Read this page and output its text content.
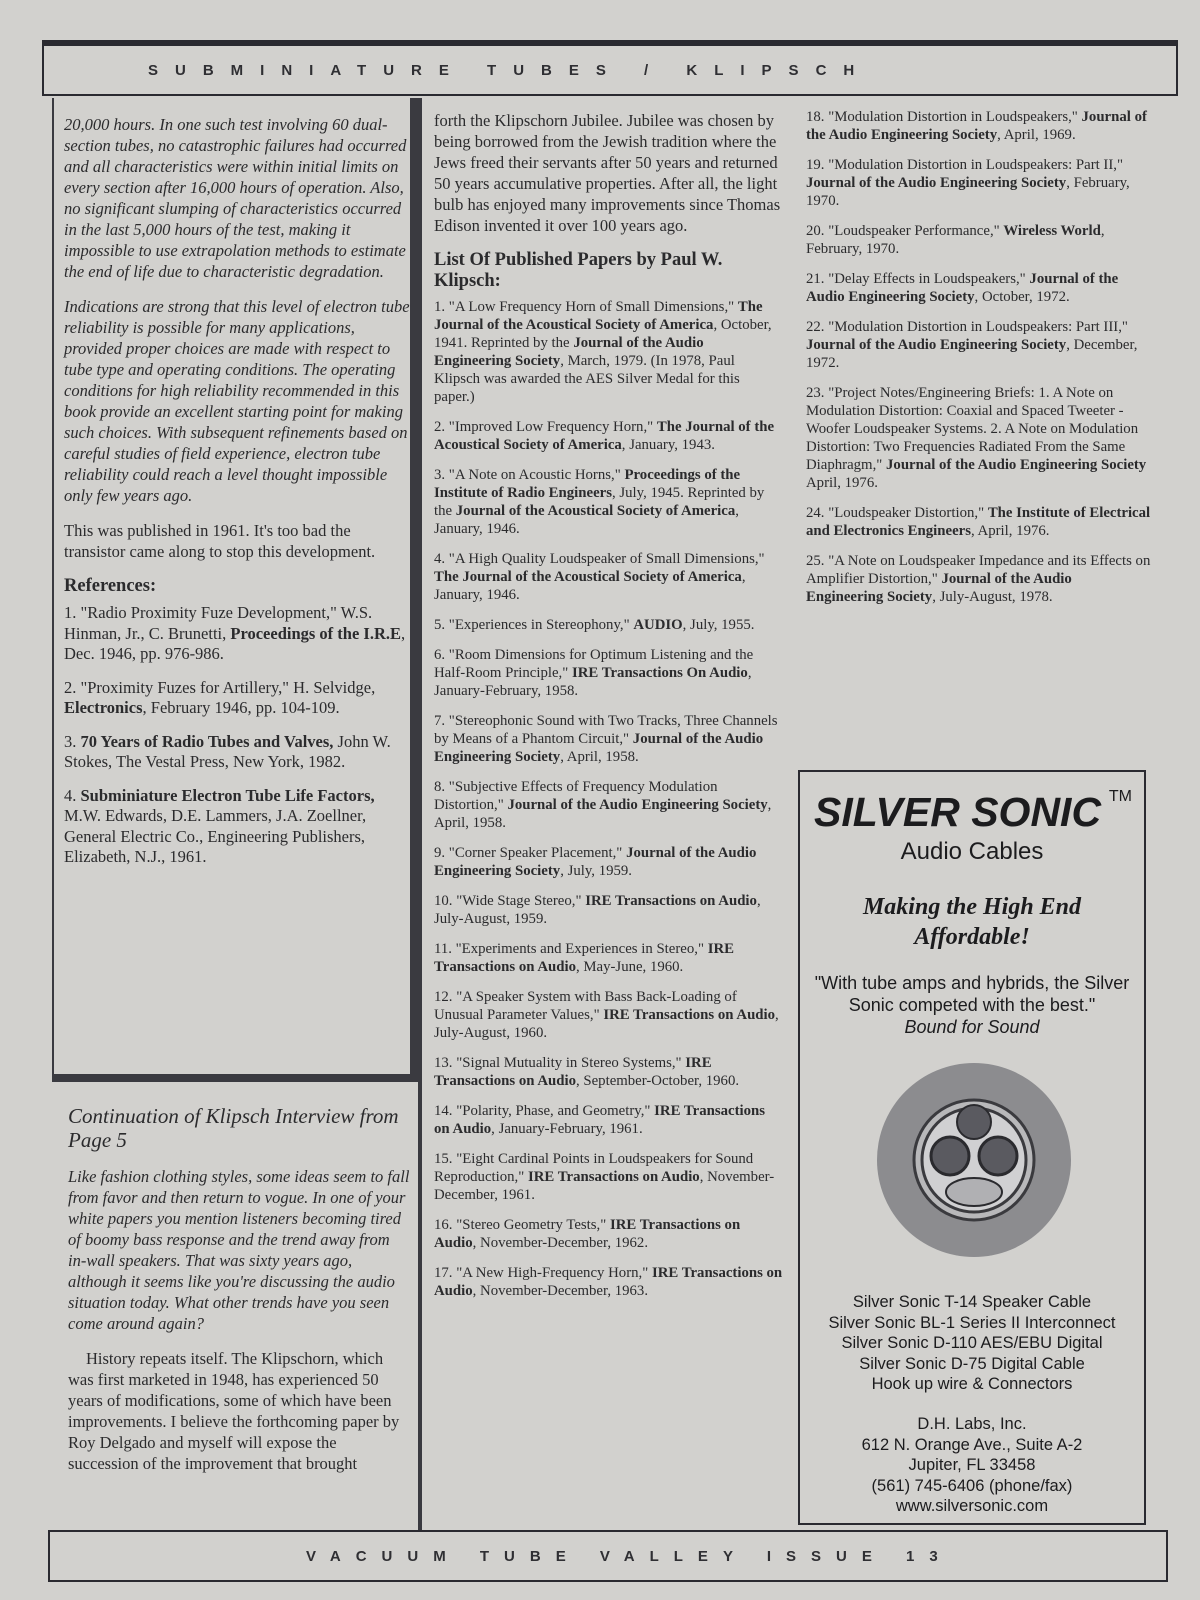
SUBMINIATURE TUBES / KLIPSCH

20,000 hours. In one such test involving 60 dual-section tubes, no catastrophic failures had occurred and all characteristics were within initial limits on every section after 16,000 hours of operation. Also, no significant slumping of characteristics occurred in the last 5,000 hours of the test, making it impossible to use extrapolation methods to estimate the end of life due to characteristic degradation.

Indications are strong that this level of electron tube reliability is possible for many applications, provided proper choices are made with respect to tube type and operating conditions. The operating conditions for high reliability recommended in this book provide an excellent starting point for making such choices. With subsequent refinements based on careful studies of field experience, electron tube reliability could reach a level thought impossible only few years ago.

This was published in 1961. It's too bad the transistor came along to stop this development.

References:
1. "Radio Proximity Fuze Development," W.S. Hinman, Jr., C. Brunetti, Proceedings of the I.R.E, Dec. 1946, pp. 976-986.
2. "Proximity Fuzes for Artillery," H. Selvidge, Electronics, February 1946, pp. 104-109.
3. 70 Years of Radio Tubes and Valves, John W. Stokes, The Vestal Press, New York, 1982.
4. Subminiature Electron Tube Life Factors, M.W. Edwards, D.E. Lammers, J.A. Zoellner, General Electric Co., Engineering Publishers, Elizabeth, N.J., 1961.
Continuation of Klipsch Interview from Page 5

Like fashion clothing styles, some ideas seem to fall from favor and then return to vogue. In one of your white papers you mention listeners becoming tired of boomy bass response and the trend away from in-wall speakers. That was sixty years ago, although it seems like you're discussing the audio situation today. What other trends have you seen come around again?

History repeats itself. The Klipschorn, which was first marketed in 1948, has experienced 50 years of modifications, some of which have been improvements. I believe the forthcoming paper by Roy Delgado and myself will expose the succession of the improvement that brought

forth the Klipschorn Jubilee. Jubilee was chosen by being borrowed from the Jewish tradition where the Jews freed their servants after 50 years and returned 50 years accumulative properties. After all, the light bulb has enjoyed many improvements since Thomas Edison invented it over 100 years ago.

List Of Published Papers by Paul W. Klipsch:
1. "A Low Frequency Horn of Small Dimensions," The Journal of the Acoustical Society of America, October, 1941. Reprinted by the Journal of the Audio Engineering Society, March, 1979. (In 1978, Paul Klipsch was awarded the AES Silver Medal for this paper.)
2. "Improved Low Frequency Horn," The Journal of the Acoustical Society of America, January, 1943.
3. "A Note on Acoustic Horns," Proceedings of the Institute of Radio Engineers, July, 1945. Reprinted by the Journal of the Acoustical Society of America, January, 1946.
4. "A High Quality Loudspeaker of Small Dimensions," The Journal of the Acoustical Society of America, January, 1946.
5. "Experiences in Stereophony," AUDIO, July, 1955.
6. "Room Dimensions for Optimum Listening and the Half-Room Principle," IRE Transactions On Audio, January-February, 1958.
7. "Stereophonic Sound with Two Tracks, Three Channels by Means of a Phantom Circuit," Journal of the Audio Engineering Society, April, 1958.
8. "Subjective Effects of Frequency Modulation Distortion," Journal of the Audio Engineering Society, April, 1958.
9. "Corner Speaker Placement," Journal of the Audio Engineering Society, July, 1959.
10. "Wide Stage Stereo," IRE Transactions on Audio, July-August, 1959.
11. "Experiments and Experiences in Stereo," IRE Transactions on Audio, May-June, 1960.
12. "A Speaker System with Bass Back-Loading of Unusual Parameter Values," IRE Transactions on Audio, July-August, 1960.
13. "Signal Mutuality in Stereo Systems," IRE Transactions on Audio, September-October, 1960.
14. "Polarity, Phase, and Geometry," IRE Transactions on Audio, January-February, 1961.
15. "Eight Cardinal Points in Loudspeakers for Sound Reproduction," IRE Transactions on Audio, November-December, 1961.
16. "Stereo Geometry Tests," IRE Transactions on Audio, November-December, 1962.
17. "A New High-Frequency Horn," IRE Transactions on Audio, November-December, 1963.
18. "Modulation Distortion in Loudspeakers," Journal of the Audio Engineering Society, April, 1969.
19. "Modulation Distortion in Loudspeakers: Part II," Journal of the Audio Engineering Society, February, 1970.
20. "Loudspeaker Performance," Wireless World, February, 1970.
21. "Delay Effects in Loudspeakers," Journal of the Audio Engineering Society, October, 1972.
22. "Modulation Distortion in Loudspeakers: Part III," Journal of the Audio Engineering Society, December, 1972.
23. "Project Notes/Engineering Briefs: 1. A Note on Modulation Distortion: Coaxial and Spaced Tweeter - Woofer Loudspeaker Systems. 2. A Note on Modulation Distortion: Two Frequencies Radiated From the Same Diaphragm," Journal of the Audio Engineering Society April, 1976.
24. "Loudspeaker Distortion," The Institute of Electrical and Electronics Engineers, April, 1976.
25. "A Note on Loudspeaker Impedance and its Effects on Amplifier Distortion," Journal of the Audio Engineering Society, July-August, 1978.
SILVER SONIC TM
Audio Cables
Making the High End
Affordable!
"With tube amps and hybrids, the Silver Sonic competed with the best."
Bound for Sound
Silver Sonic T-14 Speaker Cable
Silver Sonic BL-1 Series II Interconnect
Silver Sonic D-110 AES/EBU Digital
Silver Sonic D-75 Digital Cable
Hook up wire & Connectors
D.H. Labs, Inc.
612 N. Orange Ave., Suite A-2
Jupiter, FL 33458
(561) 745-6406 (phone/fax)
www.silversonic.com
VACUUM TUBE VALLEY ISSUE 13
